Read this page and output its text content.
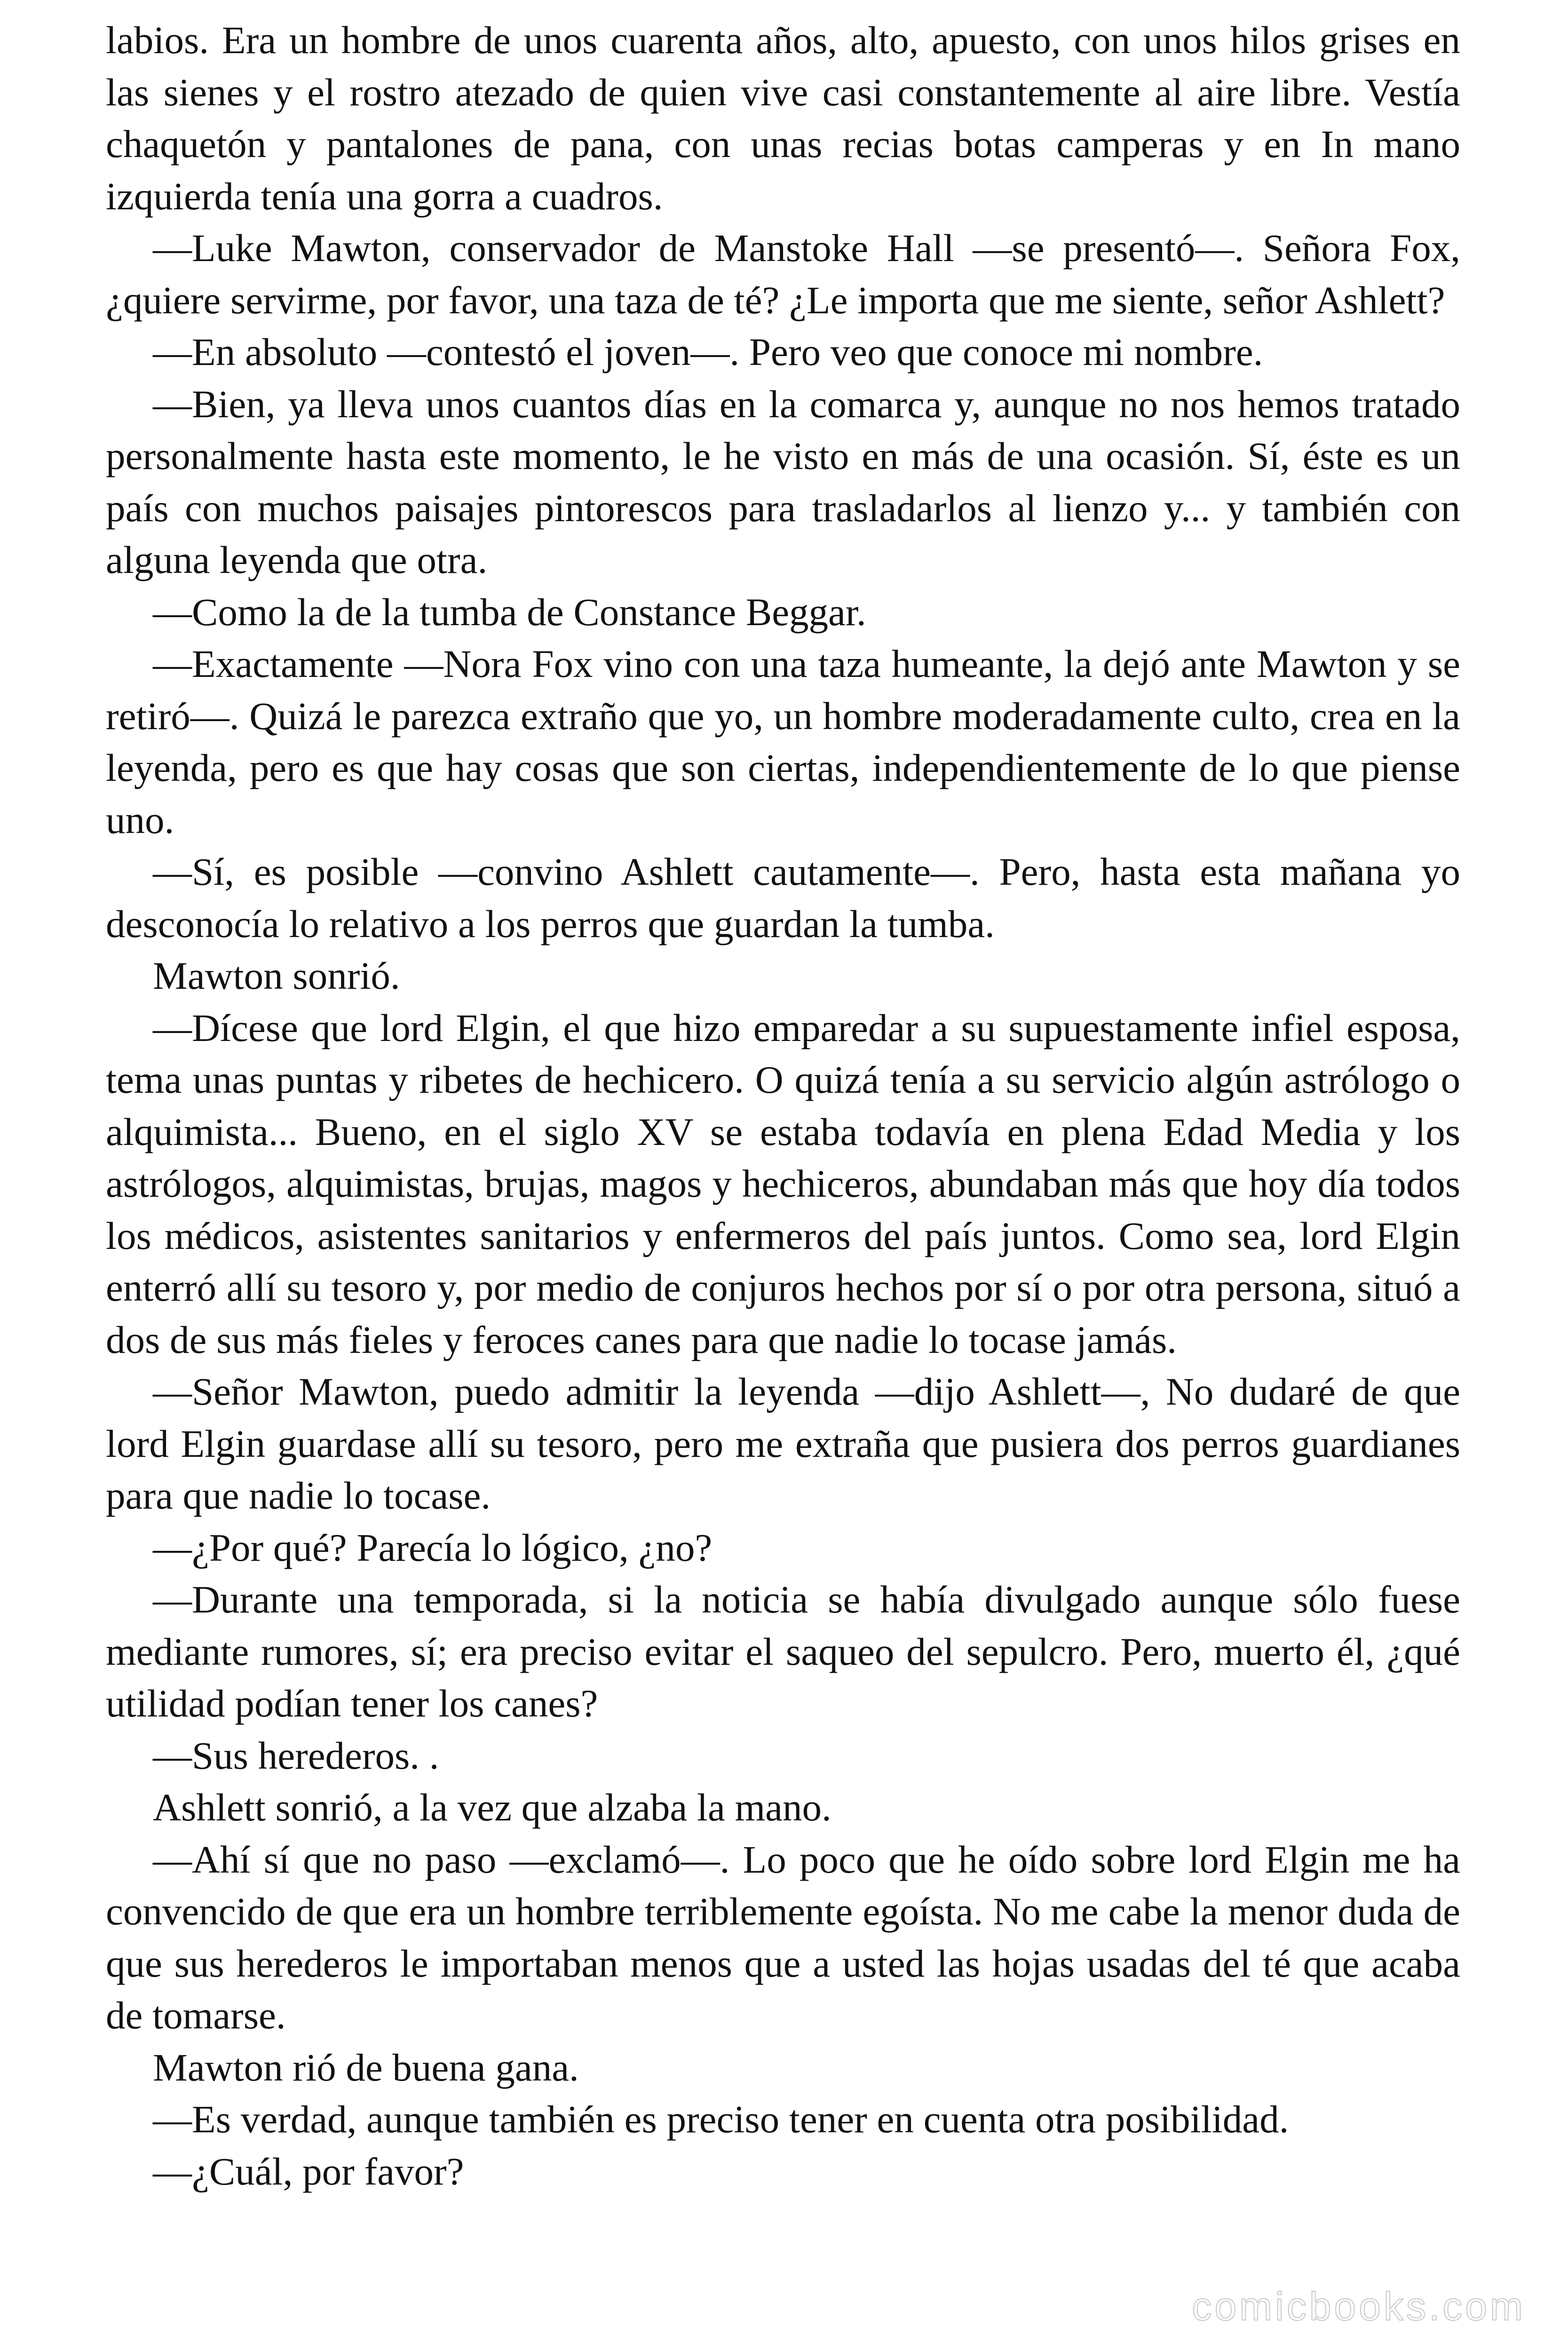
labios. Era un hombre de unos cuarenta años, alto, apuesto, con unos hilos grises en las sienes y el rostro atezado de quien vive casi constantemente al aire libre. Vestía chaquetón y pantalones de pana, con unas recias botas camperas y en In mano izquierda tenía una gorra a cuadros.

—Luke Mawton, conservador de Manstoke Hall —se presentó—. Señora Fox, ¿quiere servirme, por favor, una taza de té? ¿Le importa que me siente, señor Ashlett?

—En absoluto —contestó el joven—. Pero veo que conoce mi nombre.

—Bien, ya lleva unos cuantos días en la comarca y, aunque no nos hemos tratado personalmente hasta este momento, le he visto en más de una ocasión. Sí, éste es un país con muchos paisajes pintorescos para trasladarlos al lienzo y... y también con alguna leyenda que otra.

—Como la de la tumba de Constance Beggar.

—Exactamente —Nora Fox vino con una taza humeante, la dejó ante Mawton y se retiró—. Quizá le parezca extraño que yo, un hombre moderadamente culto, crea en la leyenda, pero es que hay cosas que son ciertas, independientemente de lo que piense uno.

—Sí, es posible —convino Ashlett cautamente—. Pero, hasta esta mañana yo desconocía lo relativo a los perros que guardan la tumba.

Mawton sonrió.

—Dícese que lord Elgin, el que hizo emparedar a su supuestamente infiel esposa, tema unas puntas y ribetes de hechicero. O quizá tenía a su servicio algún astrólogo o alquimista... Bueno, en el siglo XV se estaba todavía en plena Edad Media y los astrólogos, alquimistas, brujas, magos y hechiceros, abundaban más que hoy día todos los médicos, asistentes sanitarios y enfermeros del país juntos. Como sea, lord Elgin enterró allí su tesoro y, por medio de conjuros hechos por sí o por otra persona, situó a dos de sus más fieles y feroces canes para que nadie lo tocase jamás.

—Señor Mawton, puedo admitir la leyenda —dijo Ashlett—, No dudaré de que lord Elgin guardase allí su tesoro, pero me extraña que pusiera dos perros guardianes para que nadie lo tocase.

—¿Por qué? Parecía lo lógico, ¿no?

—Durante una temporada, si la noticia se había divulgado aunque sólo fuese mediante rumores, sí; era preciso evitar el saqueo del sepulcro. Pero, muerto él, ¿qué utilidad podían tener los canes?

—Sus herederos. .

Ashlett sonrió, a la vez que alzaba la mano.

—Ahí sí que no paso —exclamó—. Lo poco que he oído sobre lord Elgin me ha convencido de que era un hombre terriblemente egoísta. No me cabe la menor duda de que sus herederos le importaban menos que a usted las hojas usadas del té que acaba de tomarse.

Mawton rió de buena gana.

—Es verdad, aunque también es preciso tener en cuenta otra posibilidad.

—¿Cuál, por favor?

comicbooks.com
